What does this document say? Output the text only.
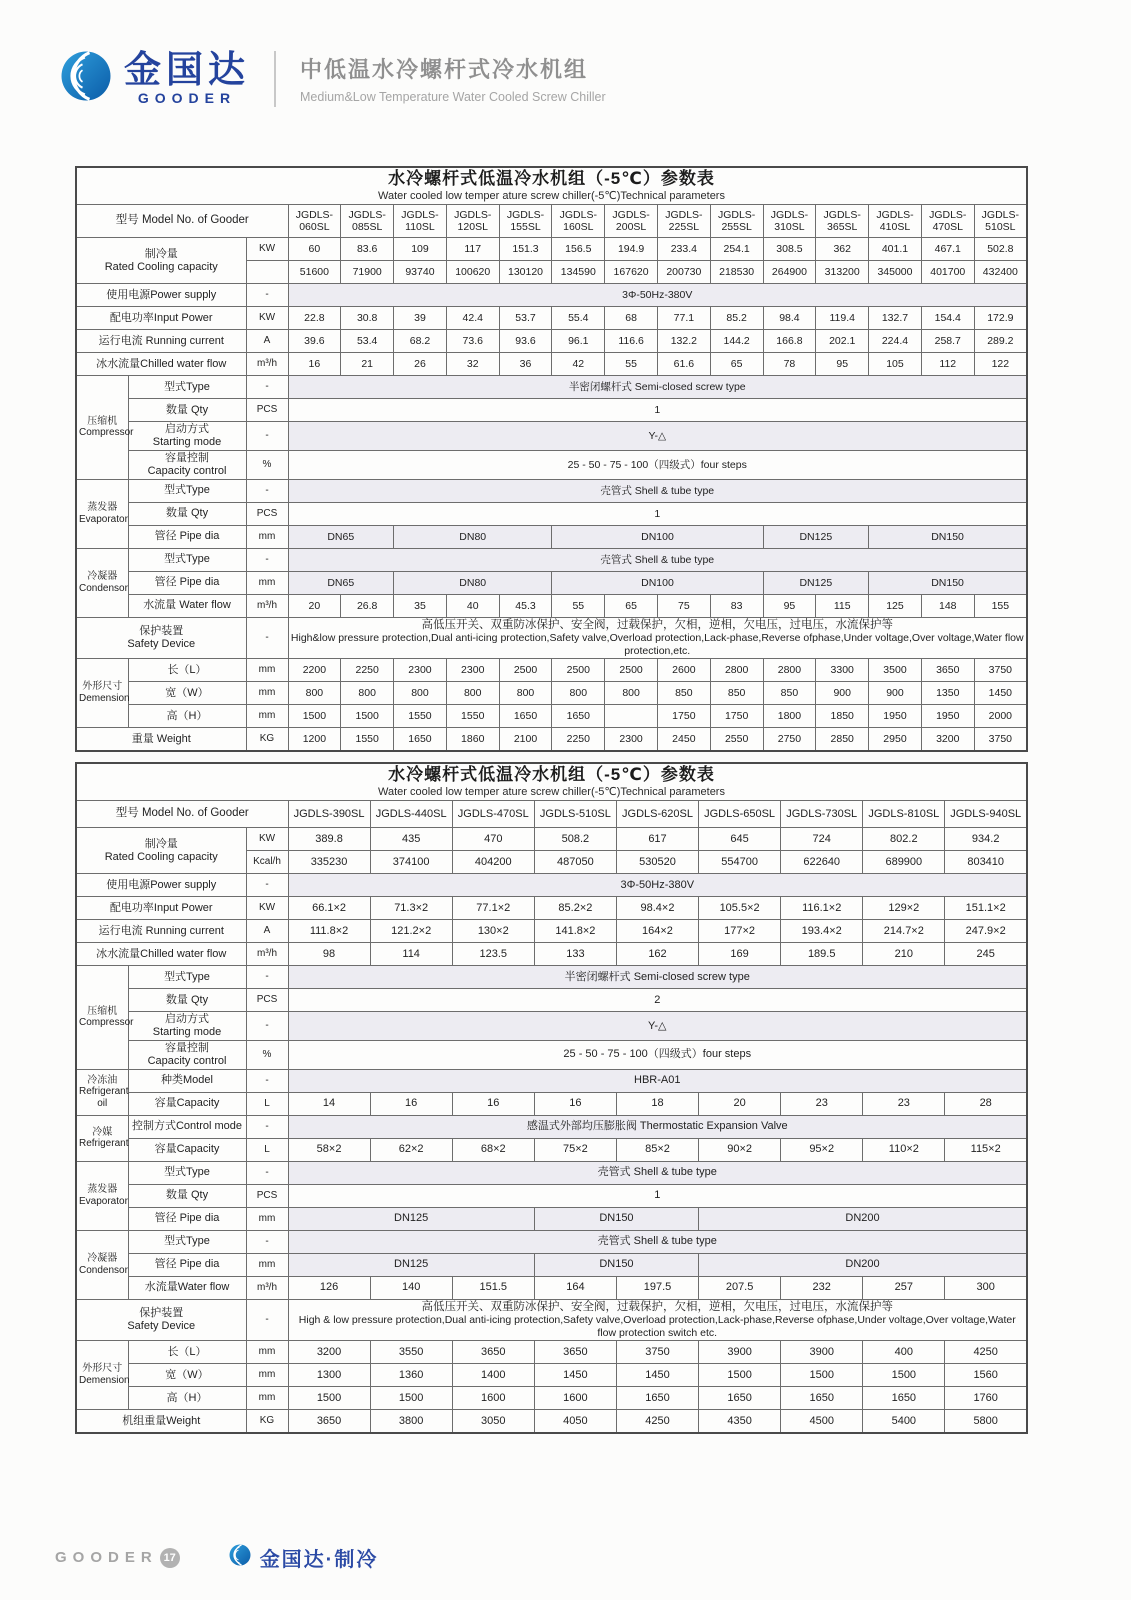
金国达
GOODER
中低温水冷螺杆式冷水机组
Medium&Low Temperature Water Cooled Screw Chiller
水冷螺杆式低温冷水机组（-5℃）参数表
Water cooled low temper ature screw chiller(-5℃)Technical parameters																

型号 Model No. of Gooder			JGDLS-
060SL	JGDLS-
085SL	JGDLS-
110SL	JGDLS-
120SL	JGDLS-
155SL	JGDLS-
160SL	JGDLS-
200SL	JGDLS-
225SL	JGDLS-
255SL	JGDLS-
310SL	JGDLS-
365SL	JGDLS-
410SL	JGDLS-
470SL	JGDLS-
510SL
制冷量
Rated Cooling capacity		KW	60	83.6	109	117	151.3	156.5	194.9	233.4	254.1	308.5	362	401.1	467.1	502.8
			51600	71900	93740	100620	130120	134590	167620	200730	218530	264900	313200	345000	401700	432400
使用电源Power supply		-	3Φ-50Hz-380V													
配电功率Input Power		KW	22.8	30.8	39	42.4	53.7	55.4	68	77.1	85.2	98.4	119.4	132.7	154.4	172.9
运行电流 Running current		A	39.6	53.4	68.2	73.6	93.6	96.1	116.6	132.2	144.2	166.8	202.1	224.4	258.7	289.2
冰水流量Chilled water flow		m³/h	16	21	26	32	36	42	55	61.6	65	78	95	105	112	122
压缩机
Compressor	型式Type	-	半密闭螺杆式 Semi-closed screw type													
	数量 Qty	PCS	1													
	启动方式
Starting mode	-	Y-△													
	容量控制
Capacity control	%	25 - 50 - 75 - 100（四级式）four steps													
蒸发器
Evaporator	型式Type	-	壳管式 Shell & tube type													
	数量 Qty	PCS	1													
	管径 Pipe dia	mm	DN65		DN80			DN100				DN125		DN150		
冷凝器
Condensor	型式Type	-	壳管式 Shell & tube type													
	管径 Pipe dia	mm	DN65		DN80			DN100				DN125		DN150		
	水流量 Water flow	m³/h	20	26.8	35	40	45.3	55	65	75	83	95	115	125	148	155
保护装置
Safety Device	-	
高低压开关、双重防冰保护、安全阀，过载保护，欠相，逆相，欠电压，过电压，水流保护等
High&low pressure protection,Dual anti-icing protection,Safety valve,Overload protection,Lack-phase,Reverse ofphase,Under voltage,Over voltage,Water flow protection,etc.

外形尺寸
Demension	长（L）	mm	2200	2250	2300	2300	2500	2500	2500	2600	2800	2800	3300	3500	3650	3750
	宽（W）	mm	800	800	800	800	800	800	800	850	850	850	900	900	1350	1450
	高（H）	mm	1500	1500	1550	1550	1650	1650		1750	1750	1800	1850	1950	1950	2000
重量 Weight		KG	1200	1550	1650	1860	2100	2250	2300	2450	2550	2750	2850	2950	3200	3750
水冷螺杆式低温冷水机组（-5℃）参数表
Water cooled low temper ature screw chiller(-5℃)Technical parameters											

型号 Model No. of Gooder			JGDLS-390SL	JGDLS-440SL	JGDLS-470SL	JGDLS-510SL	JGDLS-620SL	JGDLS-650SL	JGDLS-730SL	JGDLS-810SL	JGDLS-940SL
制冷量
Rated Cooling capacity		KW	389.8	435	470	508.2	617	645	724	802.2	934.2
		Kcal/h	335230	374100	404200	487050	530520	554700	622640	689900	803410
使用电源Power supply		-	3Φ-50Hz-380V								
配电功率Input Power		KW	66.1×2	71.3×2	77.1×2	85.2×2	98.4×2	105.5×2	116.1×2	129×2	151.1×2
运行电流 Running current		A	111.8×2	121.2×2	130×2	141.8×2	164×2	177×2	193.4×2	214.7×2	247.9×2
冰水流量Chilled water flow		m³/h	98	114	123.5	133	162	169	189.5	210	245
压缩机
Compressor	型式Type	-	半密闭螺杆式 Semi-closed screw type								
	数量 Qty	PCS	2								
	启动方式
Starting mode	-	Y-△								
	容量控制
Capacity control	%	25 - 50 - 75 - 100（四级式）four steps								
冷冻油
Refrigerant oil	种类Model	-	HBR-A01								
	容量Capacity	L	14	16	16	16	18	20	23	23	28
冷媒
Refrigerant	控制方式Control mode	-	感温式外部均压膨胀阀 Thermostatic Expansion Valve								
	容量Capacity	L	58×2	62×2	68×2	75×2	85×2	90×2	95×2	110×2	115×2
蒸发器
Evaporator	型式Type	-	壳管式 Shell & tube type								
	数量 Qty	PCS	1								
	管径 Pipe dia	mm	DN125			DN150		DN200			
冷凝器
Condensor	型式Type	-	壳管式 Shell & tube type								
	管径 Pipe dia	mm	DN125			DN150		DN200			
	水流量Water flow	m³/h	126	140	151.5	164	197.5	207.5	232	257	300
保护装置
Safety Device	-	
高低压开关、双重防冰保护、安全阀，过载保护，欠相，逆相，欠电压，过电压，水流保护等
High & low pressure protection,Dual anti-icing protection,Safety valve,Overload protection,Lack-phase,Reverse ofphase,Under voltage,Over voltage,Water flow protection switch etc.

外形尺寸
Demension	长（L）	mm	3200	3550	3650	3650	3750	3900	3900	400	4250
	宽（W）	mm	1300	1360	1400	1450	1450	1500	1500	1500	1560
	高（H）	mm	1500	1500	1600	1600	1650	1650	1650	1650	1760
机组重量Weight		KG	3650	3800	3050	4050	4250	4350	4500	5400	5800
GOODER 17	金国达·制冷
